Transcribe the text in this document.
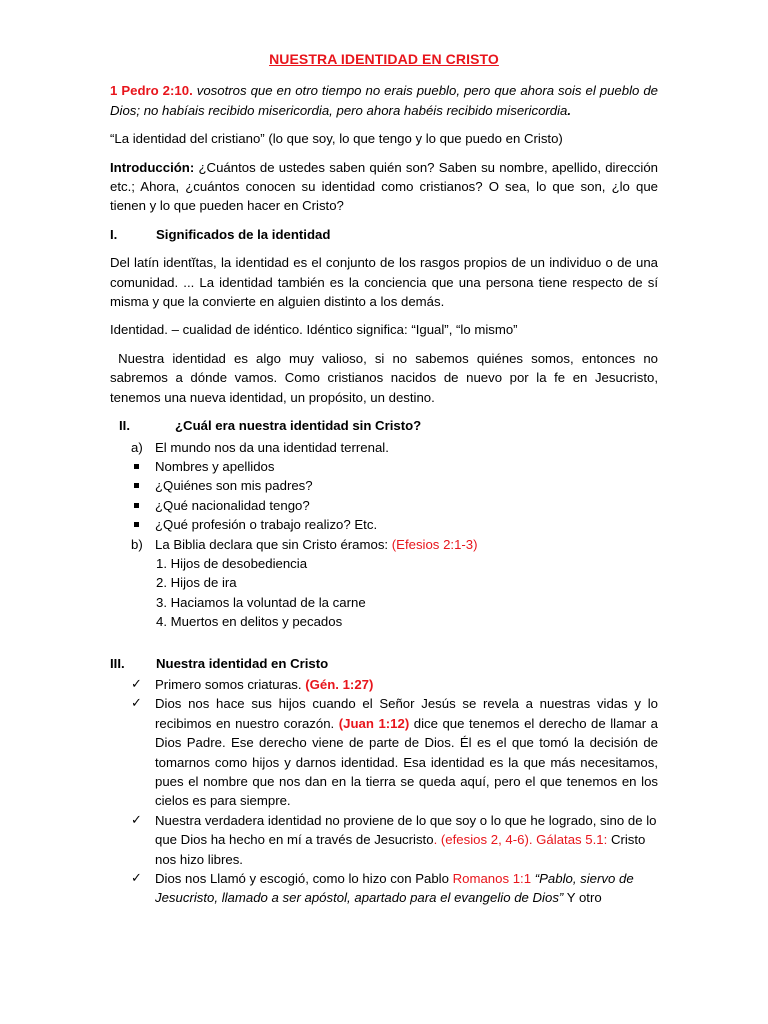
NUESTRA IDENTIDAD EN CRISTO

1 Pedro 2:10. vosotros que en otro tiempo no erais pueblo, pero que ahora sois el pueblo de Dios; no habíais recibido misericordia, pero ahora habéis recibido misericordia.

“La identidad del cristiano” (lo que soy, lo que tengo y lo que puedo en Cristo)

Introducción: ¿Cuántos de ustedes saben quién son? Saben su nombre, apellido, dirección etc.; Ahora, ¿cuántos conocen su identidad como cristianos? O sea, lo que son, ¿lo que tienen y lo que pueden hacer en Cristo?

I.	Significados de la identidad

Del latín identĭtas, la identidad es el conjunto de los rasgos propios de un individuo o de una comunidad. ... La identidad también es la conciencia que una persona tiene respecto de sí misma y que la convierte en alguien distinto a los demás.

Identidad. – cualidad de idéntico. Idéntico significa: “Igual”, “lo mismo”

Nuestra identidad es algo muy valioso, si no sabemos quiénes somos, entonces no sabremos a dónde vamos. Como cristianos nacidos de nuevo por la fe en Jesucristo, tenemos una nueva identidad, un propósito, un destino.

II.	¿Cuál era nuestra identidad sin Cristo?
a) El mundo nos da una identidad terrenal.
Nombres y apellidos
¿Quiénes son mis padres?
¿Qué nacionalidad tengo?
¿Qué profesión o trabajo realizo? Etc.
b) La Biblia declara que sin Cristo éramos: (Efesios 2:1-3)
1. Hijos de desobediencia
2. Hijos de ira
3. Haciamos la voluntad de la carne
4. Muertos en delitos y pecados
III.	Nuestra identidad en Cristo
✓ Primero somos criaturas. (Gén. 1:27)
✓ Dios nos hace sus hijos cuando el Señor Jesús se revela a nuestras vidas y lo recibimos en nuestro corazón. (Juan 1:12) dice que tenemos el derecho de llamar a Dios Padre. Ese derecho viene de parte de Dios. Él es el que tomó la decisión de tomarnos como hijos y darnos identidad. Esa identidad es la que más necesitamos, pues el nombre que nos dan en la tierra se queda aquí, pero el que tenemos en los cielos es para siempre.
✓ Nuestra verdadera identidad no proviene de lo que soy o lo que he logrado, sino de lo que Dios ha hecho en mí a través de Jesucristo. (efesios 2, 4-6). Gálatas 5.1: Cristo nos hizo libres.
✓ Dios nos Llamó y escogió, como lo hizo con Pablo Romanos 1:1 “Pablo, siervo de Jesucristo, llamado a ser apóstol, apartado para el evangelio de Dios” Y otro
